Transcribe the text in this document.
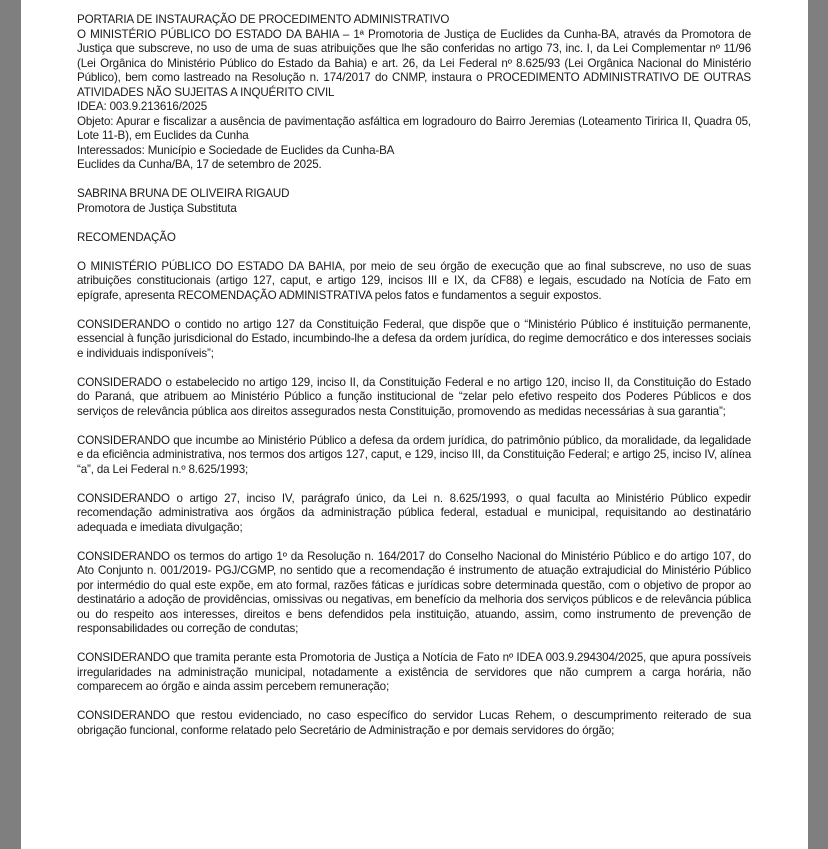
PORTARIA DE INSTAURAÇÃO DE PROCEDIMENTO ADMINISTRATIVO

O MINISTÉRIO PÚBLICO DO ESTADO DA BAHIA – 1ª Promotoria de Justiça de Euclides da Cunha-BA, através da Promotora de Justiça que subscreve, no uso de uma de suas atribuições que lhe são conferidas no artigo 73, inc. I, da Lei Complementar nº 11/96 (Lei Orgânica do Ministério Público do Estado da Bahia) e art. 26, da Lei Federal nº 8.625/93 (Lei Orgânica Nacional do Ministério Público), bem como lastreado na Resolução n. 174/2017 do CNMP, instaura o PROCEDIMENTO ADMINISTRATIVO DE OUTRAS ATIVIDADES NÃO SUJEITAS A INQUÉRITO CIVIL

IDEA: 003.9.213616/2025

Objeto: Apurar e fiscalizar a ausência de pavimentação asfáltica em logradouro do Bairro Jeremias (Loteamento Tiririca II, Quadra 05, Lote 11-B), em Euclides da Cunha

Interessados: Município e Sociedade de Euclides da Cunha-BA

Euclides da Cunha/BA, 17 de setembro de 2025.

SABRINA BRUNA DE OLIVEIRA RIGAUD

Promotora de Justiça Substituta

RECOMENDAÇÃO

O MINISTÉRIO PÚBLICO DO ESTADO DA BAHIA, por meio de seu órgão de execução que ao final subscreve, no uso de suas atribuições constitucionais (artigo 127, caput, e artigo 129, incisos III e IX, da CF88) e legais, escudado na Notícia de Fato em epígrafe, apresenta RECOMENDAÇÃO ADMINISTRATIVA pelos fatos e fundamentos a seguir expostos.

CONSIDERANDO o contido no artigo 127 da Constituição Federal, que dispõe que o “Ministério Público é instituição permanente, essencial à função jurisdicional do Estado, incumbindo-lhe a defesa da ordem jurídica, do regime democrático e dos interesses sociais e individuais indisponíveis”;

CONSIDERADO o estabelecido no artigo 129, inciso II, da Constituição Federal e no artigo 120, inciso II, da Constituição do Estado do Paraná, que atribuem ao Ministério Público a função institucional de “zelar pelo efetivo respeito dos Poderes Públicos e dos serviços de relevância pública aos direitos assegurados nesta Constituição, promovendo as medidas necessárias à sua garantia”;

CONSIDERANDO que incumbe ao Ministério Público a defesa da ordem jurídica, do patrimônio público, da moralidade, da legalidade e da eficiência administrativa, nos termos dos artigos 127, caput, e 129, inciso III, da Constituição Federal; e artigo 25, inciso IV, alínea “a”, da Lei Federal n.º 8.625/1993;

CONSIDERANDO o artigo 27, inciso IV, parágrafo único, da Lei n. 8.625/1993, o qual faculta ao Ministério Público expedir recomendação administrativa aos órgãos da administração pública federal, estadual e municipal, requisitando ao destinatário adequada e imediata divulgação;

CONSIDERANDO os termos do artigo 1º da Resolução n. 164/2017 do Conselho Nacional do Ministério Público e do artigo 107, do Ato Conjunto n. 001/2019- PGJ/CGMP, no sentido que a recomendação é instrumento de atuação extrajudicial do Ministério Público por intermédio do qual este expõe, em ato formal, razões fáticas e jurídicas sobre determinada questão, com o objetivo de propor ao destinatário a adoção de providências, omissivas ou negativas, em benefício da melhoria dos serviços públicos e de relevância pública ou do respeito aos interesses, direitos e bens defendidos pela instituição, atuando, assim, como instrumento de prevenção de responsabilidades ou correção de condutas;

CONSIDERANDO que tramita perante esta Promotoria de Justiça a Notícia de Fato nº IDEA 003.9.294304/2025, que apura possíveis irregularidades na administração municipal, notadamente a existência de servidores que não cumprem a carga horária, não comparecem ao órgão e ainda assim percebem remuneração;

CONSIDERANDO que restou evidenciado, no caso específico do servidor Lucas Rehem, o descumprimento reiterado de sua obrigação funcional, conforme relatado pelo Secretário de Administração e por demais servidores do órgão;
